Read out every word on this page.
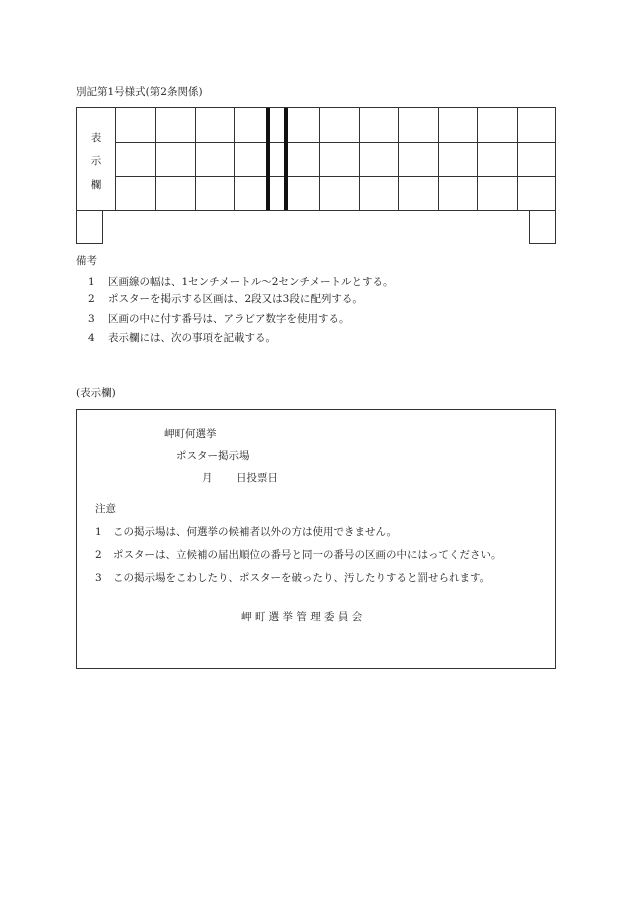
別記第1号様式(第2条関係)
表
示
欄
備考
1 区画線の幅は、1センチメートル〜2センチメートルとする。
2 ポスターを掲示する区画は、2段又は3段に配列する。
3 区画の中に付す番号は、アラビア数字を使用する。
4 表示欄には、次の事項を記載する。
(表示欄)
岬町何選挙
ポスター掲示場
月 日投票日
注意
1 この掲示場は、何選挙の候補者以外の方は使用できません。
2 ポスターは、立候補の届出順位の番号と同一の番号の区画の中にはってください。
3 この掲示場をこわしたり、ポスターを破ったり、汚したりすると罰せられます。
岬 町 選 挙 管 理 委 員 会
